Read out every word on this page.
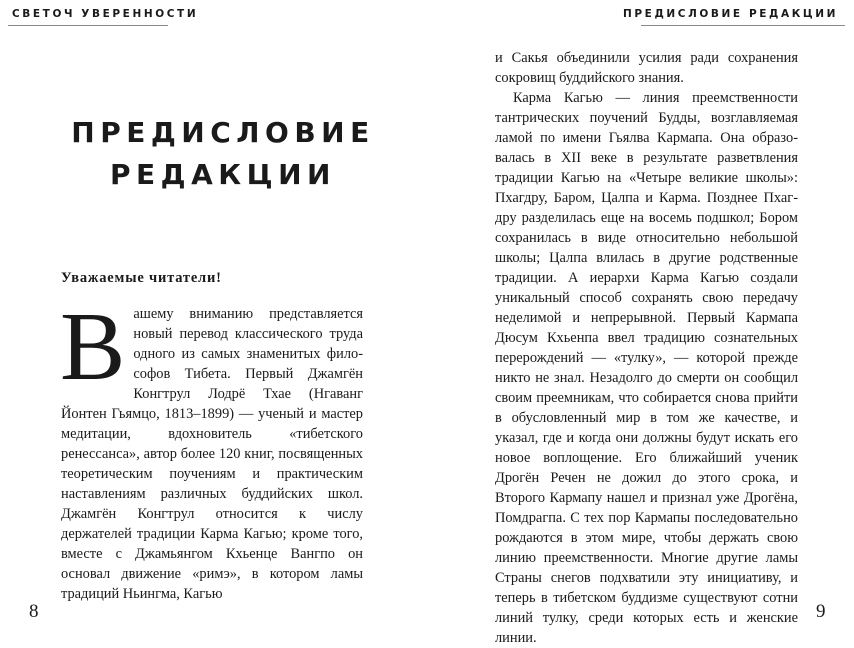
СВЕТОЧ УВЕРЕННОСТИ
ПРЕДИСЛОВИЕ
РЕДАКЦИИ

Уважаемые читатели!

Вашему вниманию представляется новый перевод классического труда одного из самых знаменитых философов Тибета. Первый Джамгён Конгтрул Лодрё Тхае (Нгаванг Йонтен Гьямцо, 1813–1899) — ученый и мастер медитации, вдохновитель «тибетского ренессанса», автор более 120 книг, посвященных теоретическим поучениям и практическим наставлениям различных буддийских школ. Джамгён Конгтрул относится к числу держателей традиции Карма Кагью; кроме того, вместе с Джамьянгом Кхьенце Вангпо он основал движение «римэ», в котором ламы традиций Ньингма, Кагью

8
ПРЕДИСЛОВИЕ РЕДАКЦИИ

и Сакья объединили усилия ради сохранения сокровищ буддийского знания.

Карма Кагью — линия преемственности тантрических поучений Будды, возглавляемая ламой по имени Гьялва Кармапа. Она образовалась в XII веке в результате разветвления традиции Кагью на «Четыре великие школы»: Пхагдру, Баром, Цалпа и Карма. Позднее Пхагдру разделилась еще на восемь подшкол; Бором сохранилась в виде относительно небольшой школы; Цалпа влилась в другие родственные традиции. А иерархи Карма Кагью создали уникальный способ сохранять свою передачу неделимой и непрерывной. Первый Кармапа Дюсум Кхьенпа ввел традицию сознательных перерождений — «тулку», — которой прежде никто не знал. Незадолго до смерти он сообщил своим преемникам, что собирается снова прийти в обусловленный мир в том же качестве, и указал, где и когда они должны будут искать его новое воплощение. Его ближайший ученик Дрогён Речен не дожил до этого срока, и Второго Кармапу нашел и признал уже Дрогёна, Помдрагпа. С тех пор Кармапы последовательно рождаются в этом мире, чтобы держать свою линию преемственности. Многие другие ламы Страны снегов подхватили эту инициативу, и теперь в тибетском буддизме существуют сотни линий тулку, среди которых есть и женские линии.

9
